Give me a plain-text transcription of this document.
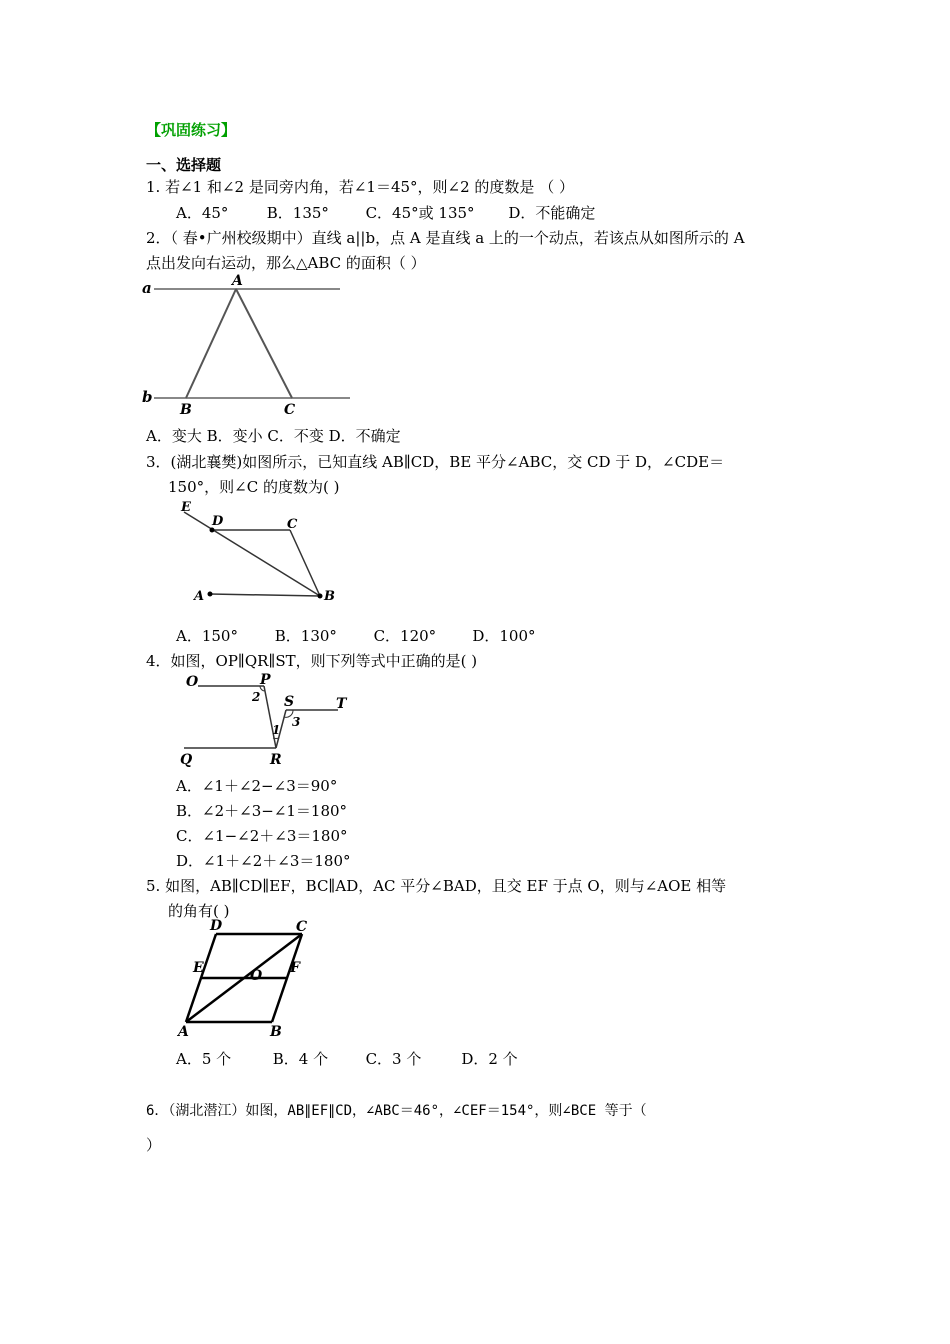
【巩固练习】
一、选择题
1. 若∠1 和∠2 是同旁内角，若∠1＝45°，则∠2 的度数是 （ ）
A．45°	B．135° C．45°或 135° D．不能确定
2．（ 春•广州校级期中）直线 a||b，点 A 是直线 a 上的一个动点，若该点从如图所示的 A
点出发向右运动，那么△ABC 的面积（ ）
a
b
A
B	C
A．变大 B．变小 C．不变 D．不确定
3．(湖北襄樊)如图所示，已知直线 AB∥CD，BE 平分∠ABC，交 CD 于 D，∠CDE＝
150°，则∠C 的度数为( )
E
D	C
A	B
A．150° B．130° C．120° D．100°
4．如图，OP∥QR∥ST，则下列等式中正确的是( )
O	P
S	T
Q	R
1
2
3
A．∠1＋∠2−∠3＝90°
B．∠2＋∠3−∠1＝180°
C．∠1−∠2＋∠3＝180°
D．∠1＋∠2＋∠3＝180°
5. 如图，AB∥CD∥EF，BC∥AD，AC 平分∠BAD，且交 EF 于点 O，则与∠AOE 相等
的角有( )
D	C
E	O F
A	B
A．5 个	B．4 个 C．3 个	D．2 个
6．（湖北潜江）如图，AB∥EF∥CD，∠ABC＝46°，∠CEF＝154°，则∠BCE 等于（
）
